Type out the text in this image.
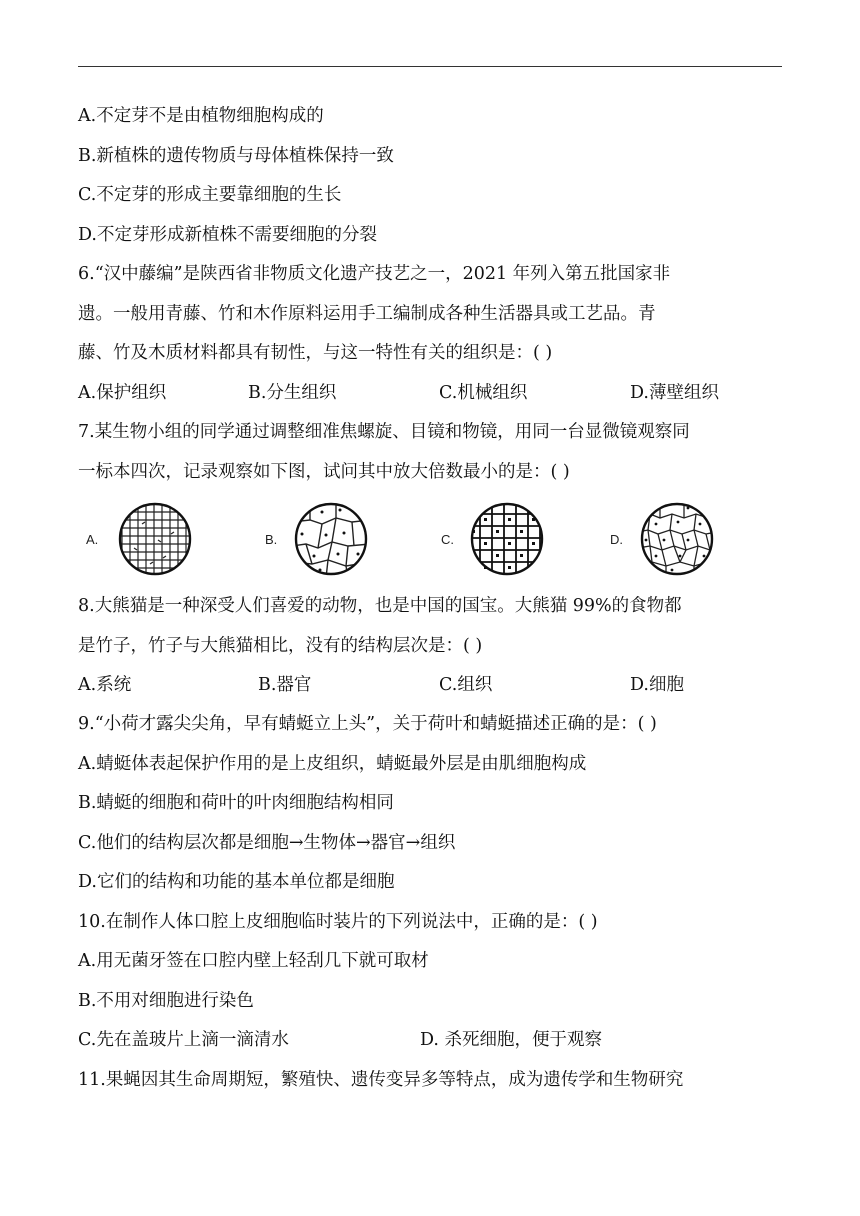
A.不定芽不是由植物细胞构成的
B.新植株的遗传物质与母体植株保持一致
C.不定芽的形成主要靠细胞的生长
D.不定芽形成新植株不需要细胞的分裂
6.“汉中藤编”是陕西省非物质文化遗产技艺之一，2021 年列入第五批国家非
遗。一般用青藤、竹和木作原料运用手工编制成各种生活器具或工艺品。青
藤、竹及木质材料都具有韧性，与这一特性有关的组织是：( )
A.保护组织	B.分生组织	C.机械组织	D.薄壁组织
7.某生物小组的同学通过调整细准焦螺旋、目镜和物镜，用同一台显微镜观察同
一标本四次，记录观察如下图，试问其中放大倍数最小的是：( )
A.	B.	C.	D.
8.大熊猫是一种深受人们喜爱的动物，也是中国的国宝。大熊猫 99%的食物都
是竹子，竹子与大熊猫相比，没有的结构层次是：( )
A.系统	B.器官	C.组织	D.细胞
9.“小荷才露尖尖角，早有蜻蜓立上头”，关于荷叶和蜻蜓描述正确的是：( )
A.蜻蜓体表起保护作用的是上皮组织，蜻蜓最外层是由肌细胞构成
B.蜻蜓的细胞和荷叶的叶肉细胞结构相同
C.他们的结构层次都是细胞→生物体→器官→组织
D.它们的结构和功能的基本单位都是细胞
10.在制作人体口腔上皮细胞临时装片的下列说法中，正确的是：( )
A.用无菌牙签在口腔内壁上轻刮几下就可取材
B.不用对细胞进行染色
C.先在盖玻片上滴一滴清水	D. 杀死细胞，便于观察
11.果蝇因其生命周期短，繁殖快、遗传变异多等特点，成为遗传学和生物研究
